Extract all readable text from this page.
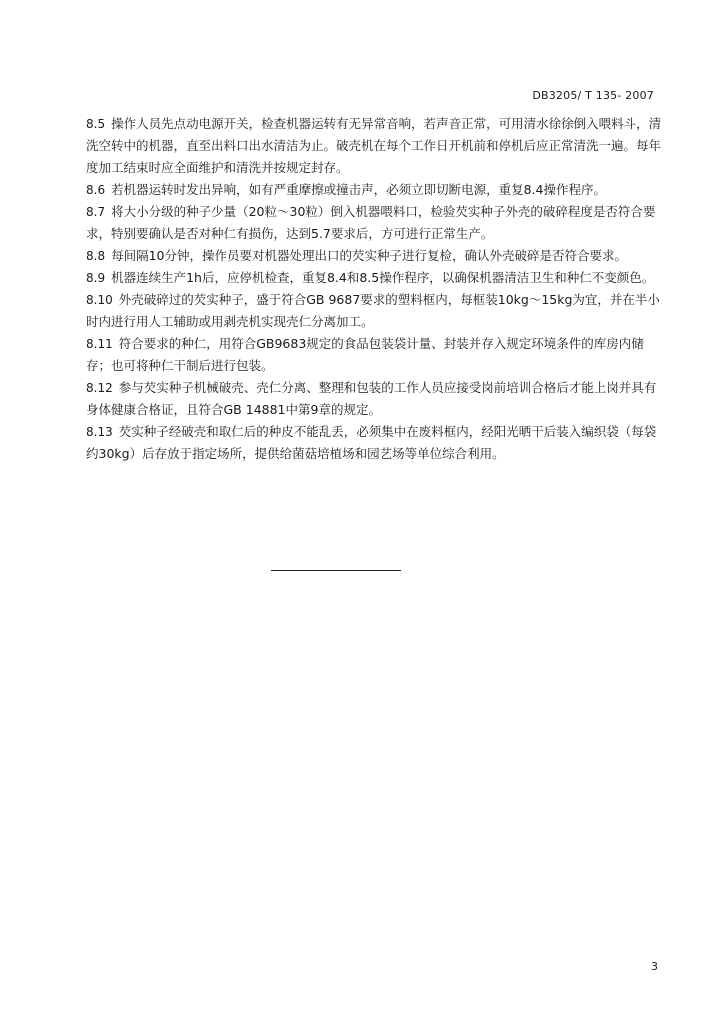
DB3205/ T 135- 2007

8.5 操作人员先点动电源开关，检查机器运转有无异常音响，若声音正常，可用清水徐徐倒入喂料斗，清洗空转中的机器，直至出料口出水清洁为止。破壳机在每个工作日开机前和停机后应正常清洗一遍。每年度加工结束时应全面维护和清洗并按规定封存。

8.6 若机器运转时发出异响，如有严重摩擦或撞击声，必须立即切断电源，重复8.4操作程序。

8.7 将大小分级的种子少量（20粒～30粒）倒入机器喂料口，检验芡实种子外壳的破碎程度是否符合要求，特别要确认是否对种仁有损伤，达到5.7要求后，方可进行正常生产。

8.8 每间隔10分钟，操作员要对机器处理出口的芡实种子进行复检，确认外壳破碎是否符合要求。

8.9 机器连续生产1h后，应停机检查，重复8.4和8.5操作程序，以确保机器清洁卫生和种仁不变颜色。

8.10 外壳破碎过的芡实种子，盛于符合GB 9687要求的塑料框内，每框装10kg～15kg为宜，并在半小时内进行用人工辅助或用剥壳机实现壳仁分离加工。

8.11 符合要求的种仁，用符合GB9683规定的食品包装袋计量、封装并存入规定环境条件的库房内储存；也可将种仁干制后进行包装。

8.12 参与芡实种子机械破壳、壳仁分离、整理和包装的工作人员应接受岗前培训合格后才能上岗并具有身体健康合格证，且符合GB 14881中第9章的规定。

8.13 芡实种子经破壳和取仁后的种皮不能乱丢，必须集中在废料框内，经阳光晒干后装入编织袋（每袋约30kg）后存放于指定场所，提供给菌菇培植场和园艺场等单位综合利用。

3
